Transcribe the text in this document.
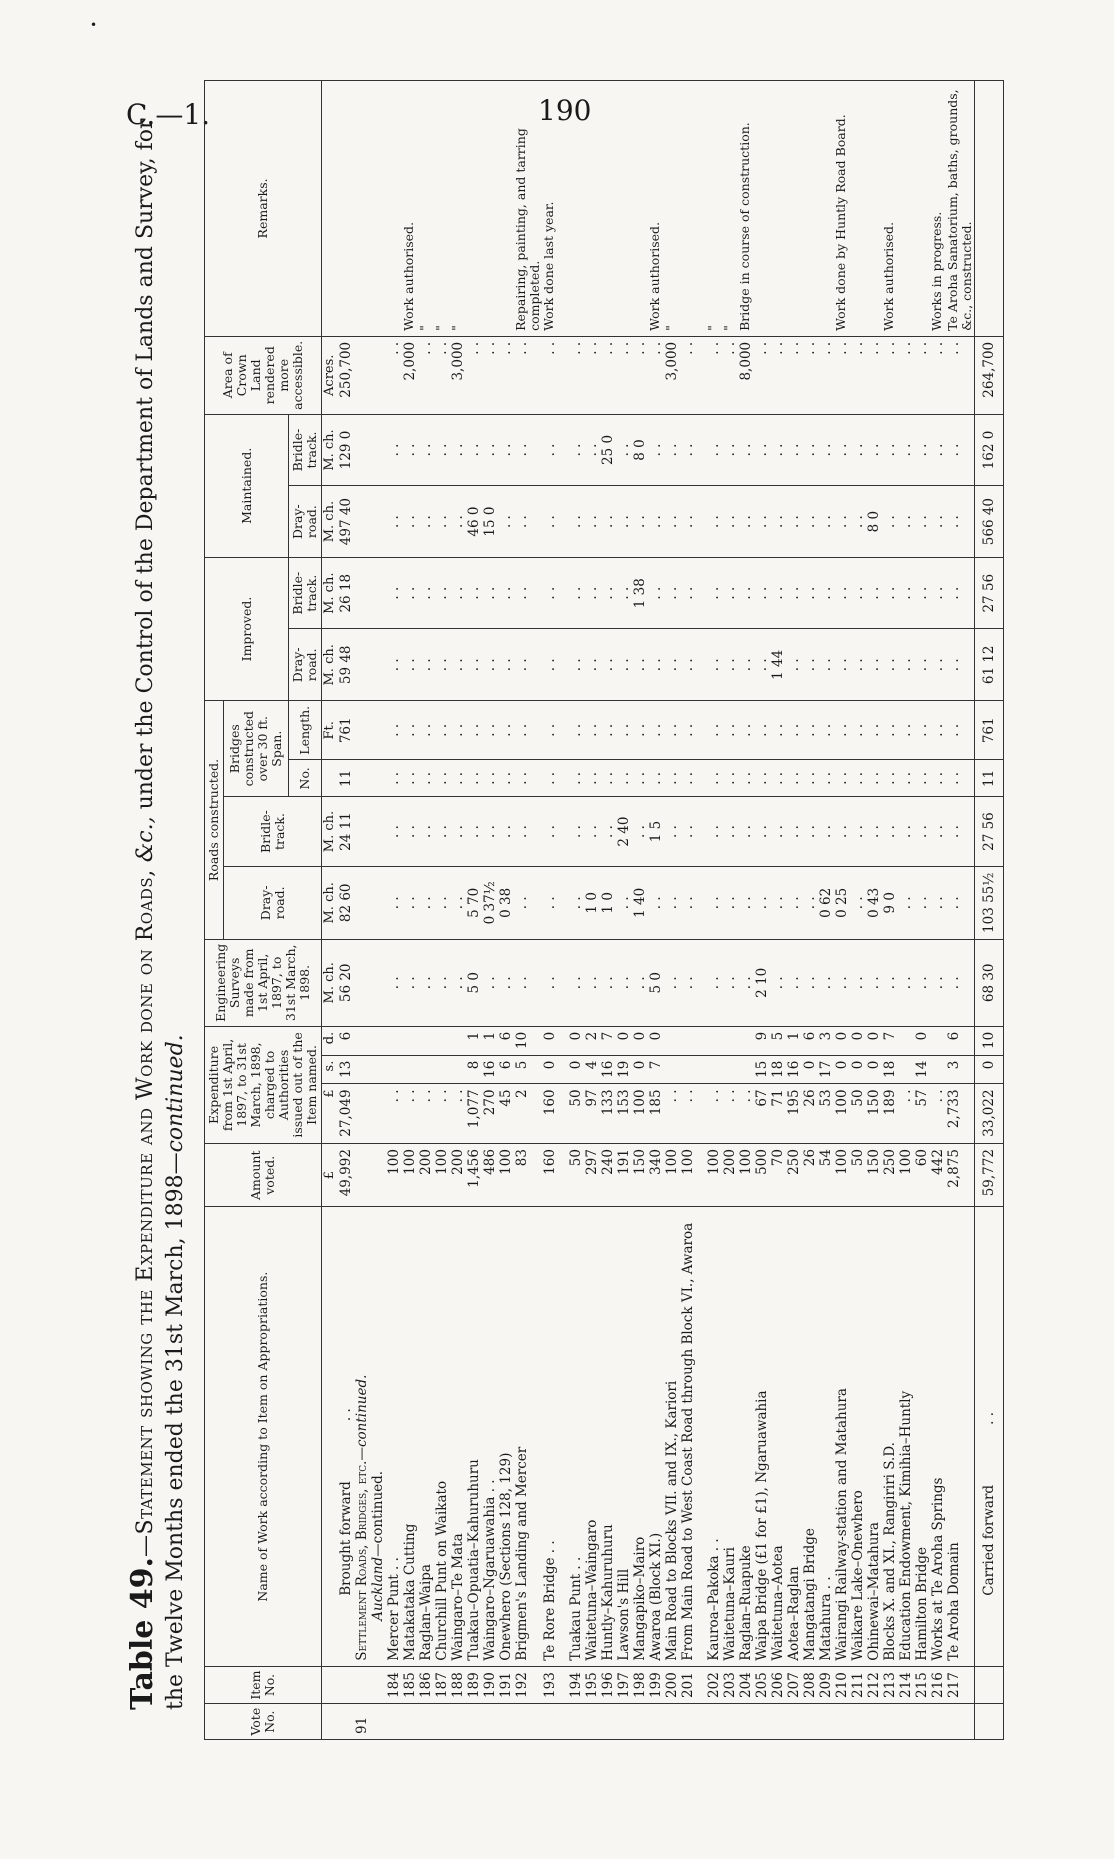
•
C.—1.	190
Table 49.—Statement showing the Expenditure and Work done on Roads, &c., under the Control of the Department of Lands and Survey, for the Twelve Months ended the 31st March, 1898—continued.
Vote No.	Item No.	Name of Work according to Item on Appropriations.	Amount voted.	Expenditure from 1st April, 1897, to 31st March, 1898, charged to Authorities issued out of the Item named.			Engineering Surveys made from 1st April, 1897, to 31st March, 1898.	Roads constructed.				Improved.		Maintained.		Area of Crown Land rendered more accessible.	Remarks.
								Dray-road.	Bridle-track.	Bridges constructed over 30 ft. Span.							
										No.	Length.	Dray-road.	Bridle-track.	Dray-road.	Bridle-track.		
			£	£	s.	d.	M. ch.	M. ch.	M. ch.		Ft.	M. ch.	M. ch.	M. ch.	M. ch.	Acres.	
		Brought forward              . .	49,992	27,049	13	6	56 20	82 60	24 11	11	761	59 48	26 18	497 40	129 0	250,700	
91		Settlement Roads, Bridges, etc.—continued.
Auckland—continued.															
	184	Mercer Punt . .	100	. .			. .	. .	. .	. .	. .	. .	. .	. .	. .	. .	
	185	Matakataka Cutting	100	. .			. .	. .	. .	. .	. .	. .	. .	. .	. .	2,000	Work authorised.
	186	Raglan–Waipa	200	. .			. .	. .	. .	. .	. .	. .	. .	. .	. .	. .	"
	187	Churchill Punt on Waikato	100	. .			. .	. .	. .	. .	. .	. .	. .	. .	. .	. .	"
	188	Waingaro–Te Mata	200	. .			. .	. .	. .	. .	. .	. .	. .	. .	. .	3,000	"
	189	Tuakau–Opuatia–Kahuruhuru	1,456	1,077	8	1	5 0	5 70	. .	. .	. .	. .	. .	46 0	. .	. .	
	190	Waingaro–Ngaruawahia . .	486	270	16	1	. .	0 37½	. .	. .	. .	. .	. .	15 0	. .	. .	
	191	Onewhero (Sections 128, 129)	100	45	6	6	. .	0 38	. .	. .	. .	. .	. .	. .	. .	. .	
	192	Brigmen's Landing and Mercer	83	2	5	10	. .	. .	. .	. .	. .	. .	. .	. .	. .	. .	Repairing, painting, and tarring completed.
	193	Te Rore Bridge . .	160	160	0	0	. .	. .	. .	. .	. .	. .	. .	. .	. .	. .	Work done last year.

	194	Tuakau Punt . .	50	50	0	0	. .	. .	. .	. .	. .	. .	. .	. .	. .	. .	
	195	Waitetuna–Waingaro	297	97	4	2	. .	1 0	. .	. .	. .	. .	. .	. .	. .	. .	
	196	Huntly–Kahuruhuru	240	133	16	7	. .	1 0	. .	. .	. .	. .	. .	. .	25 0	. .	
	197	Lawson's Hill	191	153	19	0	. .	. .	2 40	. .	. .	. .	. .	. .	. .	. .	
	198	Mangapiko–Mairo	150	100	0	0	. .	1 40	. .	. .	. .	. .	1 38	. .	8 0	. .	
	199	Awaroa (Block XI.)	340	185	7	0	5 0	. .	1 5	. .	. .	. .	. .	. .	. .	. .	Work authorised.
	200	Main Road to Blocks VII. and IX., Kariori	100	. .			. .	. .	. .	. .	. .	. .	. .	. .	. .	3,000	"
	201	From Main Road to West Coast Road through Block VI., Awaroa	100	. .			. .	. .	. .	. .	. .	. .	. .	. .	. .	. .	

	202	Kauroa–Pakoka . .	100	. .			. .	. .	. .	. .	. .	. .	. .	. .	. .	. .	"
	203	Waitetuna–Kauri	200	. .			. .	. .	. .	. .	. .	. .	. .	. .	. .	. .	"
	204	Raglan–Ruapuke	100	. .			. .	. .	. .	. .	. .	. .	. .	. .	. .	8,000	Bridge in course of construction.
	205	Waipa Bridge (£1 for £1), Ngaruawahia	500	67	15	9	2 10	. .	. .	. .	. .	. .	. .	. .	. .	. .	
	206	Waitetuna–Aotea	70	71	18	5	. .	. .	. .	. .	. .	1 44	. .	. .	. .	. .	
	207	Aotea–Raglan	250	195	16	1	. .	. .	. .	. .	. .	. .	. .	. .	. .	. .	
	208	Mangatangi Bridge	26	26	0	6	. .	. .	. .	. .	. .	. .	. .	. .	. .	. .	
	209	Matahura . .	54	53	17	3	. .	0 62	. .	. .	. .	. .	. .	. .	. .	. .	
	210	Wairangi Railway-station and Matahura	100	100	0	0	. .	0 25	. .	. .	. .	. .	. .	. .	. .	. .	Work done by Huntly Road Board.
	211	Waikare Lake–Onewhero	50	50	0	0	. .	. .	. .	. .	. .	. .	. .	. .	. .	. .	
	212	Ohinewai–Matahura	150	150	0	0	. .	0 43	. .	. .	. .	. .	. .	8 0	. .	. .	
	213	Blocks X. and XI., Rangiriri S.D.	250	189	18	7	. .	9 0	. .	. .	. .	. .	. .	. .	. .	. .	Work authorised.
	214	Education Endowment, Kimihia–Huntly	100	. .			. .	. .	. .	. .	. .	. .	. .	. .	. .	. .	
	215	Hamilton Bridge	60	57	14	0	. .	. .	. .	. .	. .	. .	. .	. .	. .	. .	
	216	Works at Te Aroha Springs	442	. .			. .	. .	. .	. .	. .	. .	. .	. .	. .	. .	Works in progress.
	217	Te Aroha Domain	2,875	2,733	3	6	. .	. .	. .	. .	. .	. .	. .	. .	. .	. .	Te Aroha Sanatorium, baths, grounds, &c., constructed.
		Carried forward              . .	59,772	33,022	0	10	68 30	103 55½	27 56	11	761	61 12	27 56	566 40	162 0	264,700	
